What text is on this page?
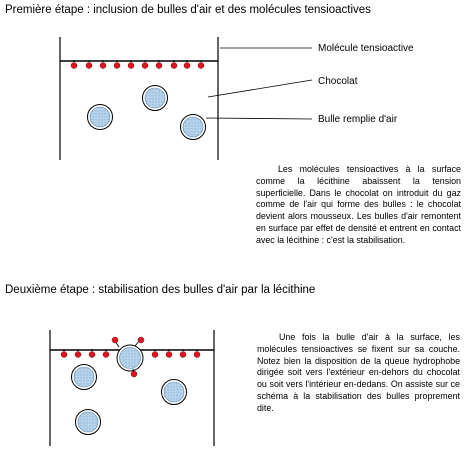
Première étape : inclusion de bulles d'air et des molécules tensioactives
Molécule tensioactive
Chocolat
Bulle remplie d'air
Les molécules tensioactives à la surface comme la lécithine abaissent la tension superficielle. Dans le chocolat on introduit du gaz comme de l'air qui forme des bulles : le chocolat devient alors mousseux. Les bulles d'air remontent en surface par effet de densité et entrent en contact avec la lécithine : c'est la stabilisation.
Deuxième étape : stabilisation des bulles d'air par la lécithine
Une fois la bulle d'air à la surface, les molécules tensioactives se fixent sur sa couche. Notez bien la disposition de la queue hydrophobe dirigée soit vers l'extérieur en-dehors du chocolat ou soit vers l'intérieur en-dedans. On assiste sur ce schéma à la stabilisation des bulles proprement dite.
